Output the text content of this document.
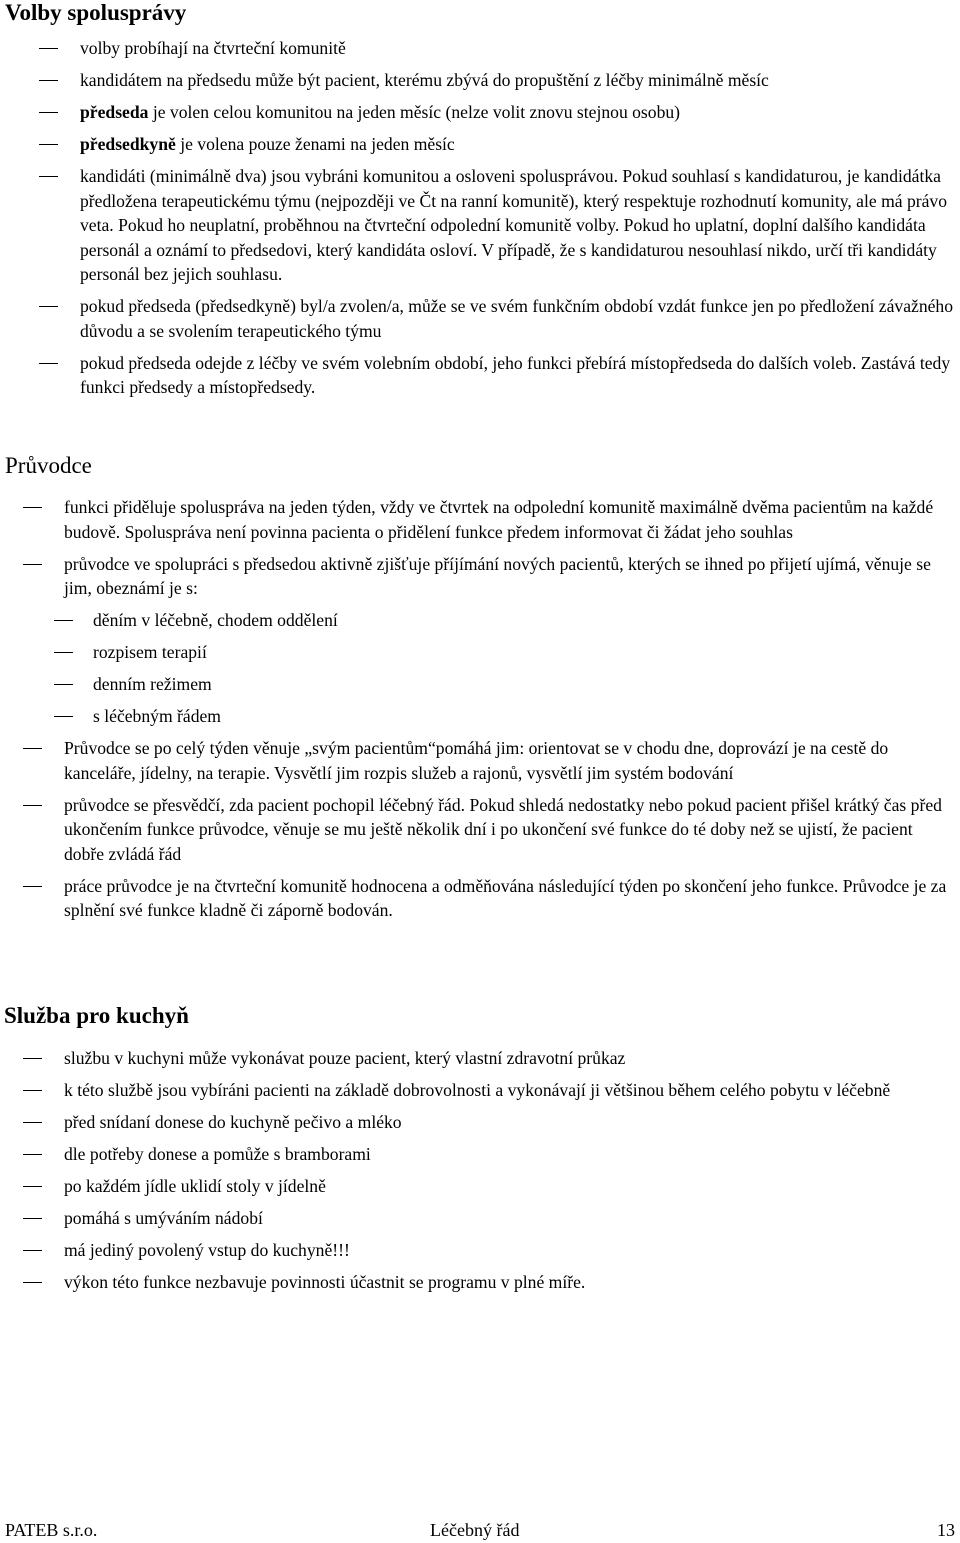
Volby spolusprávy
volby probíhají na čtvrteční komunitě
kandidátem na předsedu může být pacient, kterému zbývá do propuštění z léčby minimálně měsíc
předseda je volen celou komunitou na jeden měsíc (nelze volit znovu stejnou osobu)
předsedkyně je volena pouze ženami na jeden měsíc
kandidáti (minimálně dva) jsou vybráni komunitou a osloveni spolusprávou. Pokud souhlasí s kandidaturou, je kandidátka předložena terapeutickému týmu (nejpozději ve Čt na ranní komunitě), který respektuje rozhodnutí komunity, ale má právo veta. Pokud ho neuplatní, proběhnou na čtvrteční odpolední komunitě volby. Pokud ho uplatní, doplní dalšího kandidáta personál a oznámí to předsedovi, který kandidáta osloví. V případě, že s kandidaturou nesouhlasí nikdo, určí tři kandidáty personál bez jejich souhlasu.
pokud předseda (předsedkyně) byl/a zvolen/a, může se ve svém funkčním období vzdát funkce jen po předložení závažného důvodu a se svolením terapeutického týmu
pokud předseda odejde z léčby ve svém volebním období, jeho funkci přebírá místopředseda do dalších voleb. Zastává tedy funkci předsedy a místopředsedy.
Průvodce
funkci přiděluje spolusprávа na jeden týden, vždy ve čtvrtek na odpolední komunitě maximálně dvěma pacientům na každé budově. Spolusprávа není povinna pacienta o přidělení funkce předem informovat či žádat jeho souhlas
průvodce ve spolupráci s předsedou aktivně zjišťuje příjímání nových pacientů, kterých se ihned po přijetí ujímá, věnuje se jim, obeznámí je s:
děním v léčebně, chodem oddělení
rozpisem terapií
denním režimem
s léčebným řádem
Průvodce se po celý týden věnuje „svým pacientům“pomáhá jim: orientovat se v chodu dne, doprovází je na cestě do kanceláře, jídelny, na terapie. Vysvětlí jim rozpis služeb a rajonů, vysvětlí jim systém bodování
průvodce se přesvědčí, zda pacient pochopil léčebný řád. Pokud shledá nedostatky nebo pokud pacient přišel krátký čas před ukončením funkce průvodce, věnuje se mu ještě několik dní i po ukončení své funkce do té doby než se ujistí, že pacient dobře zvládá řád
práce průvodce je na čtvrteční komunitě hodnocena a odměňována následující týden po skončení jeho funkce. Průvodce je za splnění své funkce kladně či záporně bodován.
Služba pro kuchyň
službu v kuchyni může vykonávat pouze pacient, který vlastní zdravotní průkaz
k této službě jsou vybíráni pacienti na základě dobrovolnosti a vykonávají ji většinou během celého pobytu v léčebně
před snídaní donese do kuchyně pečivo a mléko
dle potřeby donese a pomůže s bramborami
po každém jídle uklidí stoly v jídelně
pomáhá s umýváním nádobí
má jediný povolený vstup do kuchyně!!!
výkon této funkce nezbavuje povinnosti účastnit se programu v plné míře.
PATEB s.r.o.	Léčebný řád	13
